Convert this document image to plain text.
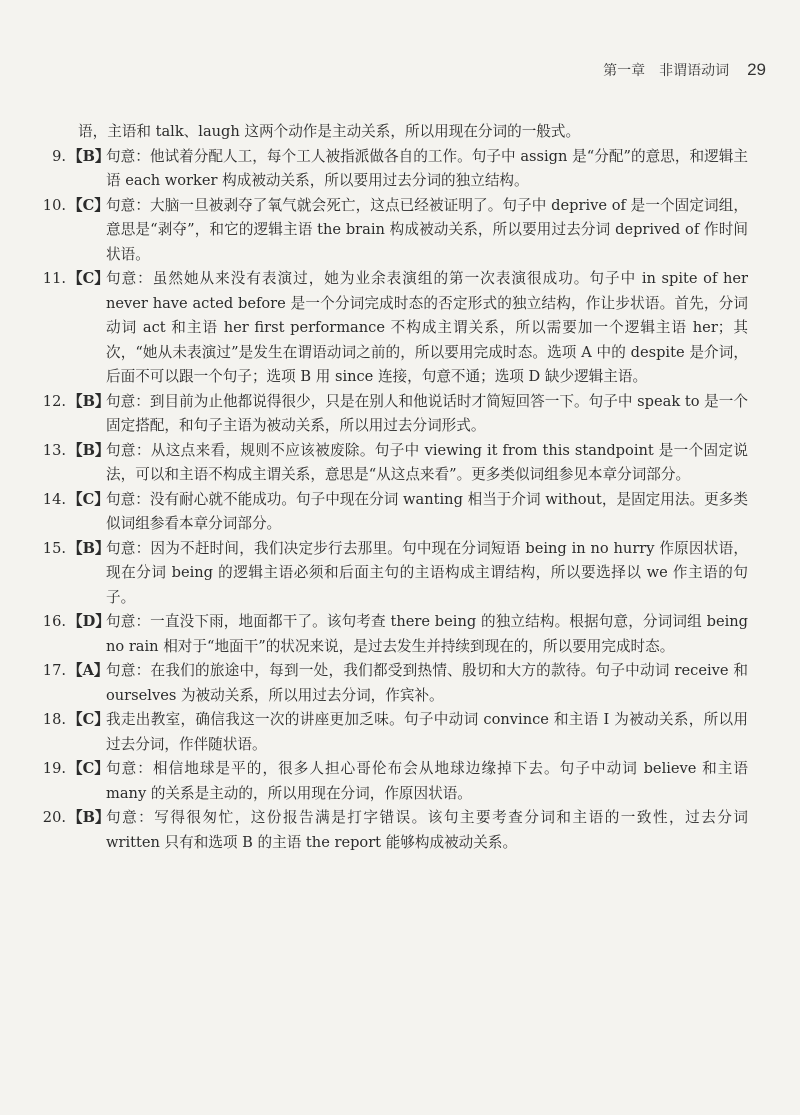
第一章　非谓语动词 29

语，主语和 talk、laugh 这两个动作是主动关系，所以用现在分词的一般式。

9. 【B】
句意：他试着分配人工，每个工人被指派做各自的工作。句子中 assign 是“分配”的意思，和逻辑主语 each worker 构成被动关系，所以要用过去分词的独立结构。
10. 【C】
句意：大脑一旦被剥夺了氧气就会死亡，这点已经被证明了。句子中 deprive of 是一个固定词组，意思是“剥夺”，和它的逻辑主语 the brain 构成被动关系，所以要用过去分词 deprived of 作时间状语。
11. 【C】
句意：虽然她从来没有表演过，她为业余表演组的第一次表演很成功。句子中 in spite of her never have acted before 是一个分词完成时态的否定形式的独立结构，作让步状语。首先，分词动词 act 和主语 her first performance 不构成主谓关系，所以需要加一个逻辑主语 her；其次，“她从未表演过”是发生在谓语动词之前的，所以要用完成时态。选项 A 中的 despite 是介词，后面不可以跟一个句子；选项 B 用 since 连接，句意不通；选项 D 缺少逻辑主语。
12. 【B】
句意：到目前为止他都说得很少，只是在别人和他说话时才简短回答一下。句子中 speak to 是一个固定搭配，和句子主语为被动关系，所以用过去分词形式。
13. 【B】
句意：从这点来看，规则不应该被废除。句子中 viewing it from this standpoint 是一个固定说法，可以和主语不构成主谓关系，意思是“从这点来看”。更多类似词组参见本章分词部分。
14. 【C】
句意：没有耐心就不能成功。句子中现在分词 wanting 相当于介词 without，是固定用法。更多类似词组参看本章分词部分。
15. 【B】
句意：因为不赶时间，我们决定步行去那里。句中现在分词短语 being in no hurry 作原因状语，现在分词 being 的逻辑主语必须和后面主句的主语构成主谓结构，所以要选择以 we 作主语的句子。
16. 【D】
句意：一直没下雨，地面都干了。该句考查 there being 的独立结构。根据句意，分词词组 being no rain 相对于“地面干”的状况来说，是过去发生并持续到现在的，所以要用完成时态。
17. 【A】
句意：在我们的旅途中，每到一处，我们都受到热情、殷切和大方的款待。句子中动词 receive 和 ourselves 为被动关系，所以用过去分词，作宾补。
18. 【C】
我走出教室，确信我这一次的讲座更加乏味。句子中动词 convince 和主语 I 为被动关系，所以用过去分词，作伴随状语。
19. 【C】
句意：相信地球是平的，很多人担心哥伦布会从地球边缘掉下去。句子中动词 believe 和主语 many 的关系是主动的，所以用现在分词，作原因状语。
20. 【B】
句意：写得很匆忙，这份报告满是打字错误。该句主要考查分词和主语的一致性，过去分词 written 只有和选项 B 的主语 the report 能够构成被动关系。
